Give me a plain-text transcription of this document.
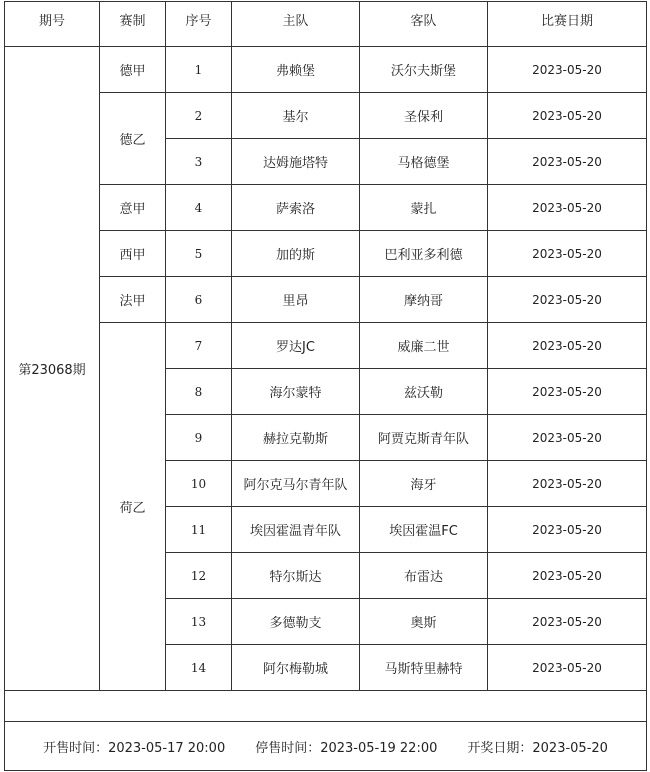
期号	赛制	序号	主队	客队	比赛日期
第23068期	德甲	1	弗赖堡	沃尔夫斯堡	2023-05-20
	德乙	2	基尔	圣保利	2023-05-20
		3	达姆施塔特	马格德堡	2023-05-20
	意甲	4	萨索洛	蒙扎	2023-05-20
	西甲	5	加的斯	巴利亚多利德	2023-05-20
	法甲	6	里昂	摩纳哥	2023-05-20
	荷乙	7	罗达JC	威廉二世	2023-05-20
		8	海尔蒙特	兹沃勒	2023-05-20
		9	赫拉克勒斯	阿贾克斯青年队	2023-05-20
		10	阿尔克马尔青年队	海牙	2023-05-20
		11	埃因霍温青年队	埃因霍温FC	2023-05-20
		12	特尔斯达	布雷达	2023-05-20
		13	多德勒支	奥斯	2023-05-20
		14	阿尔梅勒城	马斯特里赫特	2023-05-20

开售时间：2023-05-17 20:00 停售时间：2023-05-19 22:00 开奖日期：2023-05-20					
